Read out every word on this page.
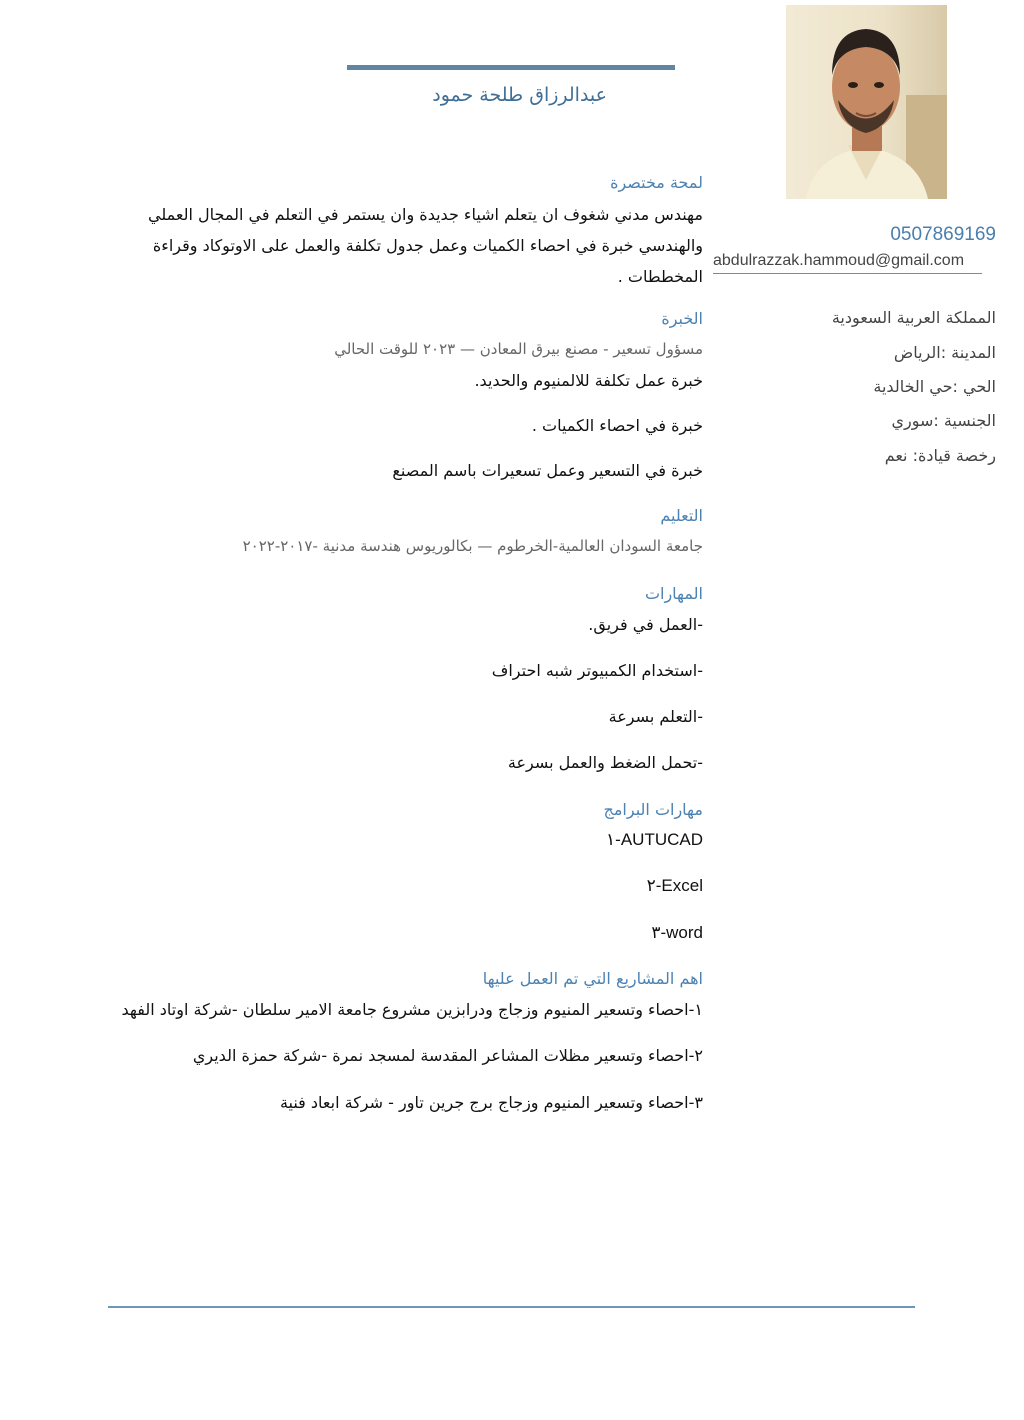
عبدالرزاق طلحة حمود
0507869169
abdulrazzak.hammoud@gmail.com
المملكة العربية السعودية
المدينة :الرياض
الحي :حي الخالدية
الجنسية :سوري
رخصة قيادة: نعم
لمحة مختصرة
مهندس مدني شغوف ان يتعلم اشياء جديدة وان يستمر في التعلم في المجال العملي والهندسي خبرة في احصاء الكميات وعمل جدول تكلفة والعمل على الاوتوكاد وقراءة المخططات .
الخبرة
مسؤول تسعير - مصنع بيرق المعادن — ٢٠٢٣ للوقت الحالي
خبرة عمل تكلفة للالمنيوم والحديد.
خبرة في احصاء الكميات .
خبرة في التسعير وعمل تسعيرات باسم المصنع
التعليم
جامعة السودان العالمية-الخرطوم — بكالوريوس هندسة مدنية -٢٠١٧-٢٠٢٢
المهارات
-العمل في فريق.
-استخدام الكمبيوتر شبه احتراف
-التعلم بسرعة
-تحمل الضغط والعمل بسرعة
مهارات البرامج
AUTUCAD-١
Excel-٢
word-٣
اهم المشاريع التي تم العمل عليها
١-احصاء وتسعير المنيوم وزجاج ودرابزين مشروع جامعة الامير سلطان -شركة اوتاد الفهد
٢-احصاء وتسعير مظلات المشاعر المقدسة لمسجد نمرة -شركة حمزة الديري
٣-احصاء وتسعير المنيوم وزجاج برج جرين تاور - شركة ابعاد فنية
